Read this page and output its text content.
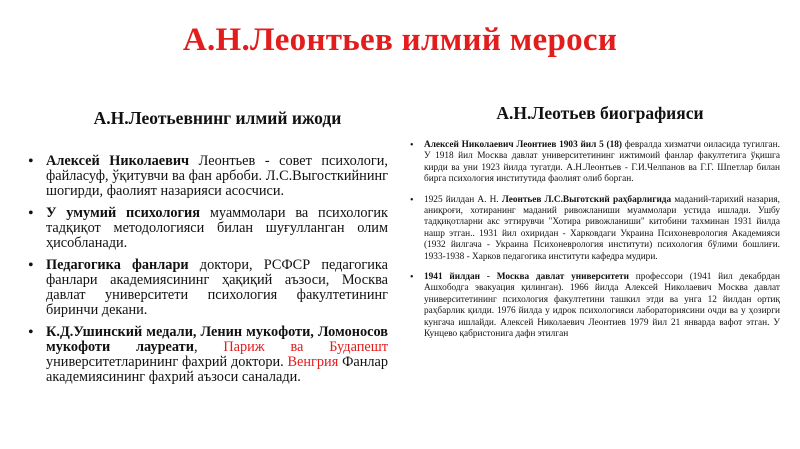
А.Н.Леонтьев илмий мероси
А.Н.Леотьевнинг илмий ижоди
• Алексей Николаевич Леонтьев - совет психологи, файласуф, ўқитувчи ва фан арбоби. Л.С.Выгосткийнинг шогирди, фаолият назарияси асосчиси.
• У умумий психология муаммолари ва психологик тадқиқот методологияси билан шуғулланган олим ҳисобланади.
• Педагогика фанлари доктори, РСФСР педагогика фанлари академиясининг ҳақиқий аъзоси, Москва давлат университети психология факултетининг биринчи декани.
• К.Д.Ушинский медали, Ленин мукофоти, Ломоносов мукофоти лауреати, Париж ва Будапешт университетларининг фахрий доктори. Венгрия Фанлар академиясининг фахрий аъзоси саналади.
А.Н.Леотьев биографияси
• Алексей Николаевич Леонтиев 1903 йил 5 (18) февралда хизматчи оиласида тугилган. У 1918 йил Москва давлат университетининг ижтимоий фанлар факултетига ўқишга кирди ва уни 1923 йилда тугатди. А.Н.Леонтьев - Г.И.Челпанов ва Г.Г. Шпетлар билан бирга психология институтида фаолият олиб борган.
• 1925 йилдан А. Н. Леонтьев Л.С.Выготский раҳбарлигида маданий-тарихий назария, аниқроғи, хотиранинг маданий ривожланиши муаммолари устида ишлади. Ушбу тадқиқотларни акс эттирувчи "Хотира ривожланиши" китобини тахминан 1931 йилда нашр этган.. 1931 йил охиридан - Харковдаги Украина Психоневрология Академияси (1932 йилгача - Украина Психоневрология институти) психология бўлими бошлиғи. 1933-1938 - Харков педагогика институти кафедра мудири.
• 1941 йилдан - Москва давлат университети профессори (1941 йил декабрдан Ашхободга эвакуация қилинган). 1966 йилда Алексей Николаевич Москва давлат университетининг психология факултетини ташкил этди ва унга 12 йилдан ортиқ раҳбарлик қилди. 1976 йилда у идрок психологияси лабораториясини очди ва у ҳозирги кунгача ишлайди. Алексей Николаевич Леонтиев 1979 йил 21 январда вафот этган. У Кунцево қабристонига дафн этилган
